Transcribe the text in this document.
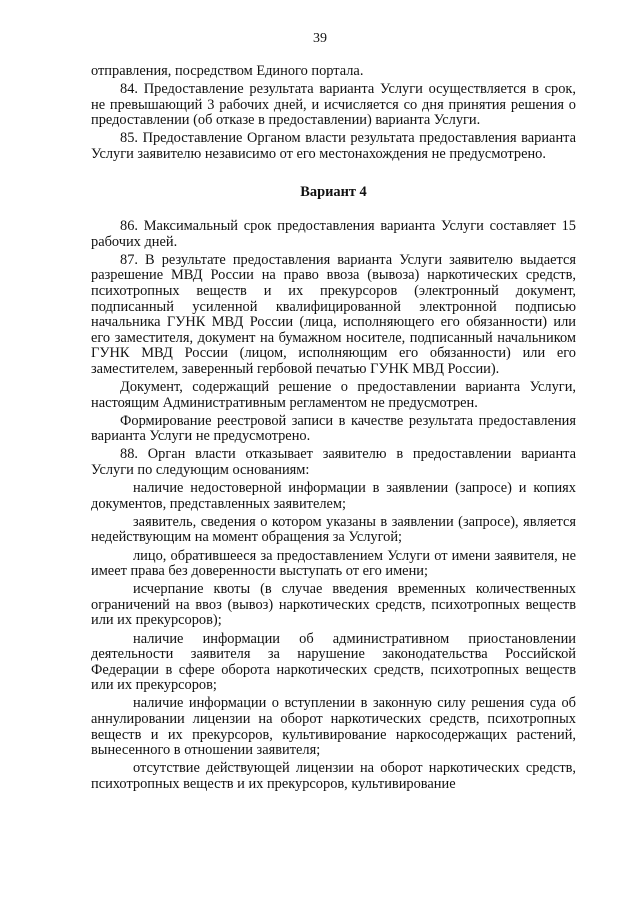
39

отправления, посредством Единого портала.

84. Предоставление результата варианта Услуги осуществляется в срок, не превышающий 3 рабочих дней, и исчисляется со дня принятия решения о предоставлении (об отказе в предоставлении) варианта Услуги.

85. Предоставление Органом власти результата предоставления варианта Услуги заявителю независимо от его местонахождения не предусмотрено.

Вариант 4

86. Максимальный срок предоставления варианта Услуги составляет 15 рабочих дней.

87. В результате предоставления варианта Услуги заявителю выдается разрешение МВД России на право ввоза (вывоза) наркотических средств, психотропных веществ и их прекурсоров (электронный документ, подписанный усиленной квалифицированной электронной подписью начальника ГУНК МВД России (лица, исполняющего его обязанности) или его заместителя, документ на бумажном носителе, подписанный начальником ГУНК МВД России (лицом, исполняющим его обязанности) или его заместителем, заверенный гербовой печатью ГУНК МВД России).

Документ, содержащий решение о предоставлении варианта Услуги, настоящим Административным регламентом не предусмотрен.

Формирование реестровой записи в качестве результата предоставления варианта Услуги не предусмотрено.

88. Орган власти отказывает заявителю в предоставлении варианта Услуги по следующим основаниям:

наличие недостоверной информации в заявлении (запросе) и копиях документов, представленных заявителем;

заявитель, сведения о котором указаны в заявлении (запросе), является недействующим на момент обращения за Услугой;

лицо, обратившееся за предоставлением Услуги от имени заявителя, не имеет права без доверенности выступать от его имени;

исчерпание квоты (в случае введения временных количественных ограничений на ввоз (вывоз) наркотических средств, психотропных веществ или их прекурсоров);

наличие информации об административном приостановлении деятельности заявителя за нарушение законодательства Российской Федерации в сфере оборота наркотических средств, психотропных веществ или их прекурсоров;

наличие информации о вступлении в законную силу решения суда об аннулировании лицензии на оборот наркотических средств, психотропных веществ и их прекурсоров, культивирование наркосодержащих растений, вынесенного в отношении заявителя;

отсутствие действующей лицензии на оборот наркотических средств, психотропных веществ и их прекурсоров, культивирование
